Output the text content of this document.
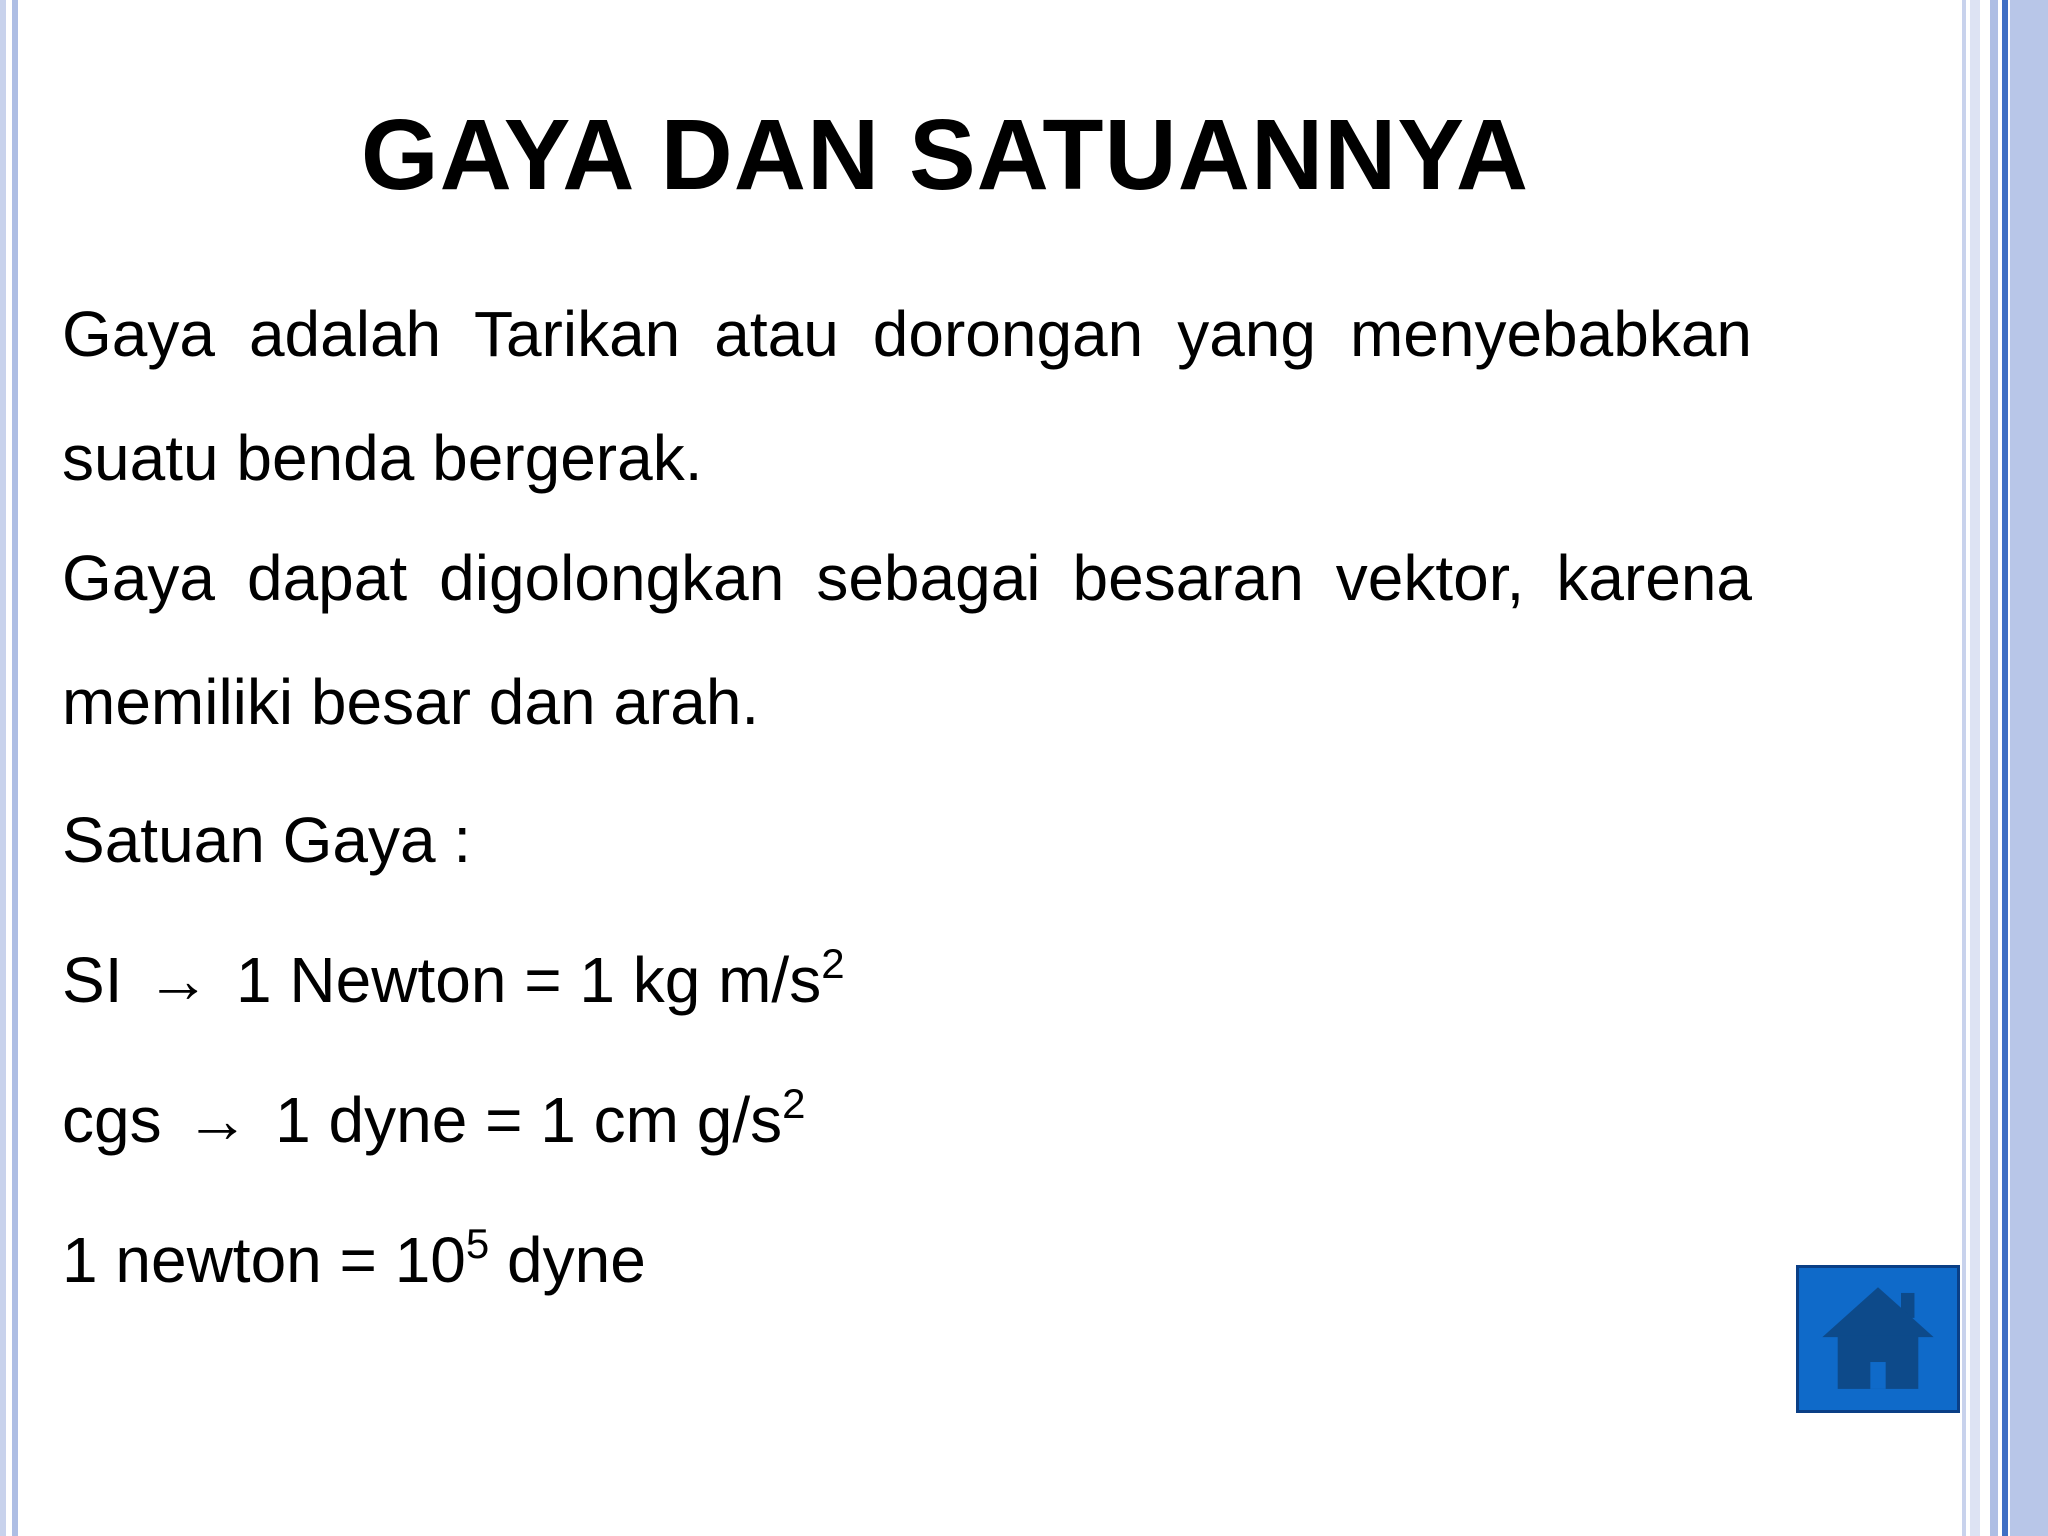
GAYA DAN SATUANNYA

Gaya adalah Tarikan atau dorongan yang menyebabkan suatu benda bergerak.

Gaya dapat digolongkan sebagai besaran vektor, karena memiliki besar dan arah.

Satuan Gaya :

SI → 1 Newton = 1 kg $m/s^2$

cgs → 1 dyne = 1 cm $g/s^2$

1 newton = $10^5$ dyne
